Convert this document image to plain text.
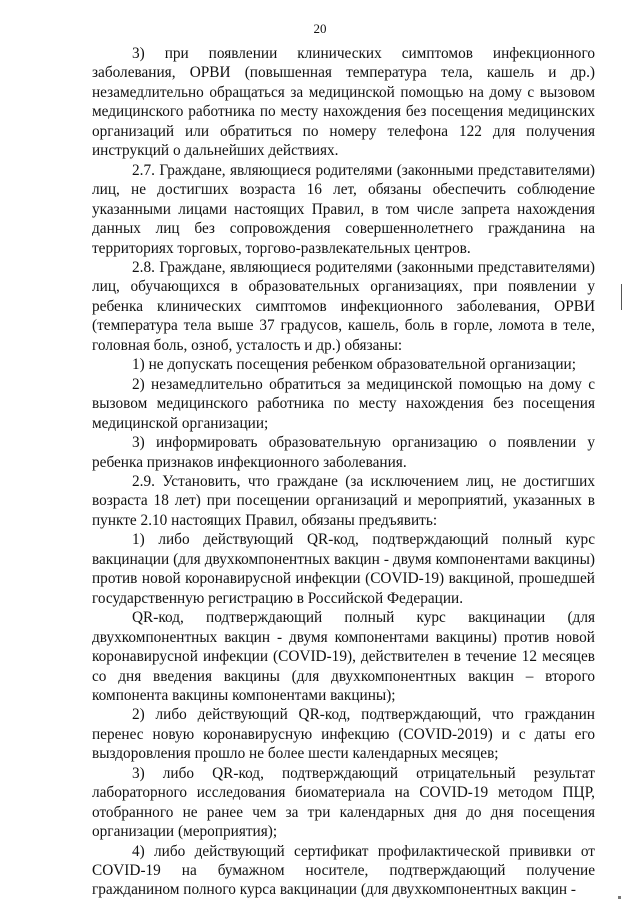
20

3) при появлении клинических симптомов инфекционного заболевания, ОРВИ (повышенная температура тела, кашель и др.) незамедлительно обращаться за медицинской помощью на дому с вызовом медицинского работника по месту нахождения без посещения медицинских организаций или обратиться по номеру телефона 122 для получения инструкций о дальнейших действиях.

2.7. Граждане, являющиеся родителями (законными представителями) лиц, не достигших возраста 16 лет, обязаны обеспечить соблюдение указанными лицами настоящих Правил, в том числе запрета нахождения данных лиц без сопровождения совершеннолетнего гражданина на территориях торговых, торгово-развлекательных центров.

2.8. Граждане, являющиеся родителями (законными представителями) лиц, обучающихся в образовательных организациях, при появлении у ребенка клинических симптомов инфекционного заболевания, ОРВИ (температура тела выше 37 градусов, кашель, боль в горле, ломота в теле, головная боль, озноб, усталость и др.) обязаны:

1) не допускать посещения ребенком образовательной организации;

2) незамедлительно обратиться за медицинской помощью на дому с вызовом медицинского работника по месту нахождения без посещения медицинской организации;

3) информировать образовательную организацию о появлении у ребенка признаков инфекционного заболевания.

2.9. Установить, что граждане (за исключением лиц, не достигших возраста 18 лет) при посещении организаций и мероприятий, указанных в пункте 2.10 настоящих Правил, обязаны предъявить:

1) либо действующий QR-код, подтверждающий полный курс вакцинации (для двухкомпонентных вакцин - двумя компонентами вакцины) против новой коронавирусной инфекции (COVID-19) вакциной, прошедшей государственную регистрацию в Российской Федерации.

QR-код, подтверждающий полный курс вакцинации (для двухкомпонентных вакцин - двумя компонентами вакцины) против новой коронавирусной инфекции (COVID-19), действителен в течение 12 месяцев со дня введения вакцины (для двухкомпонентных вакцин – второго компонента вакцины компонентами вакцины);

2) либо действующий QR-код, подтверждающий, что гражданин перенес новую коронавирусную инфекцию (COVID-2019) и с даты его выздоровления прошло не более шести календарных месяцев;

3) либо QR-код, подтверждающий отрицательный результат лабораторного исследования биоматериала на COVID-19 методом ПЦР, отобранного не ранее чем за три календарных дня до дня посещения организации (мероприятия);

4) либо действующий сертификат профилактической прививки от COVID-19 на бумажном носителе, подтверждающий получение гражданином полного курса вакцинации (для двухкомпонентных вакцин -
